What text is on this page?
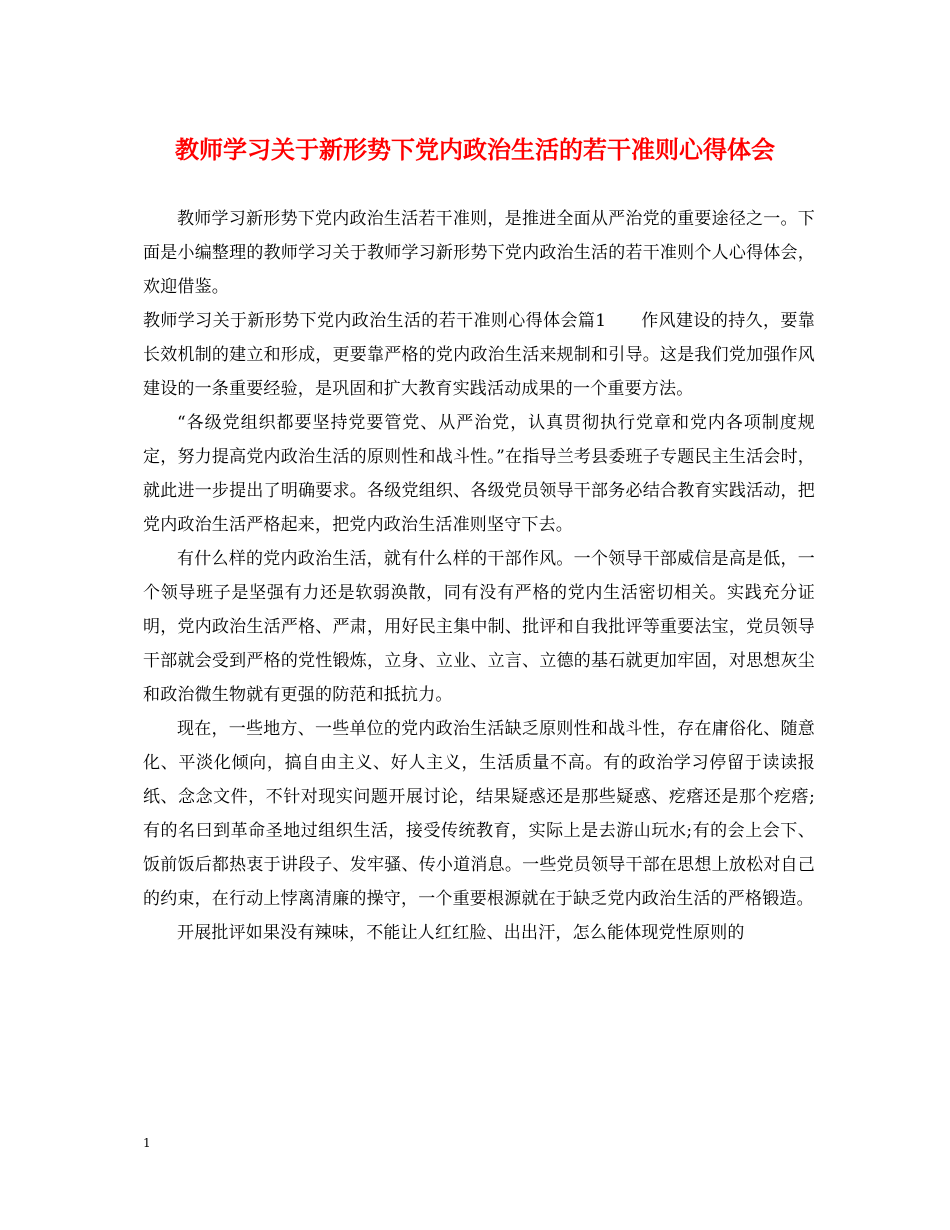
教师学习关于新形势下党内政治生活的若干准则心得体会

教师学习新形势下党内政治生活若干准则，是推进全面从严治党的重要途径之一。下面是小编整理的教师学习关于教师学习新形势下党内政治生活的若干准则个人心得体会，欢迎借鉴。

教师学习关于新形势下党内政治生活的若干准则心得体会篇1　　作风建设的持久，要靠长效机制的建立和形成，更要靠严格的党内政治生活来规制和引导。这是我们党加强作风建设的一条重要经验，是巩固和扩大教育实践活动成果的一个重要方法。

“各级党组织都要坚持党要管党、从严治党，认真贯彻执行党章和党内各项制度规定，努力提高党内政治生活的原则性和战斗性。”在指导兰考县委班子专题民主生活会时，就此进一步提出了明确要求。各级党组织、各级党员领导干部务必结合教育实践活动，把党内政治生活严格起来，把党内政治生活准则坚守下去。

有什么样的党内政治生活，就有什么样的干部作风。一个领导干部威信是高是低，一个领导班子是坚强有力还是软弱涣散，同有没有严格的党内生活密切相关。实践充分证明，党内政治生活严格、严肃，用好民主集中制、批评和自我批评等重要法宝，党员领导干部就会受到严格的党性锻炼，立身、立业、立言、立德的基石就更加牢固，对思想灰尘和政治微生物就有更强的防范和抵抗力。

现在，一些地方、一些单位的党内政治生活缺乏原则性和战斗性，存在庸俗化、随意化、平淡化倾向，搞自由主义、好人主义，生活质量不高。有的政治学习停留于读读报纸、念念文件，不针对现实问题开展讨论，结果疑惑还是那些疑惑、疙瘩还是那个疙瘩;有的名曰到革命圣地过组织生活，接受传统教育，实际上是去游山玩水;有的会上会下、饭前饭后都热衷于讲段子、发牢骚、传小道消息。一些党员领导干部在思想上放松对自己的约束，在行动上悖离清廉的操守，一个重要根源就在于缺乏党内政治生活的严格锻造。

开展批评如果没有辣味，不能让人红红脸、出出汗，怎么能体现党性原则的

1
